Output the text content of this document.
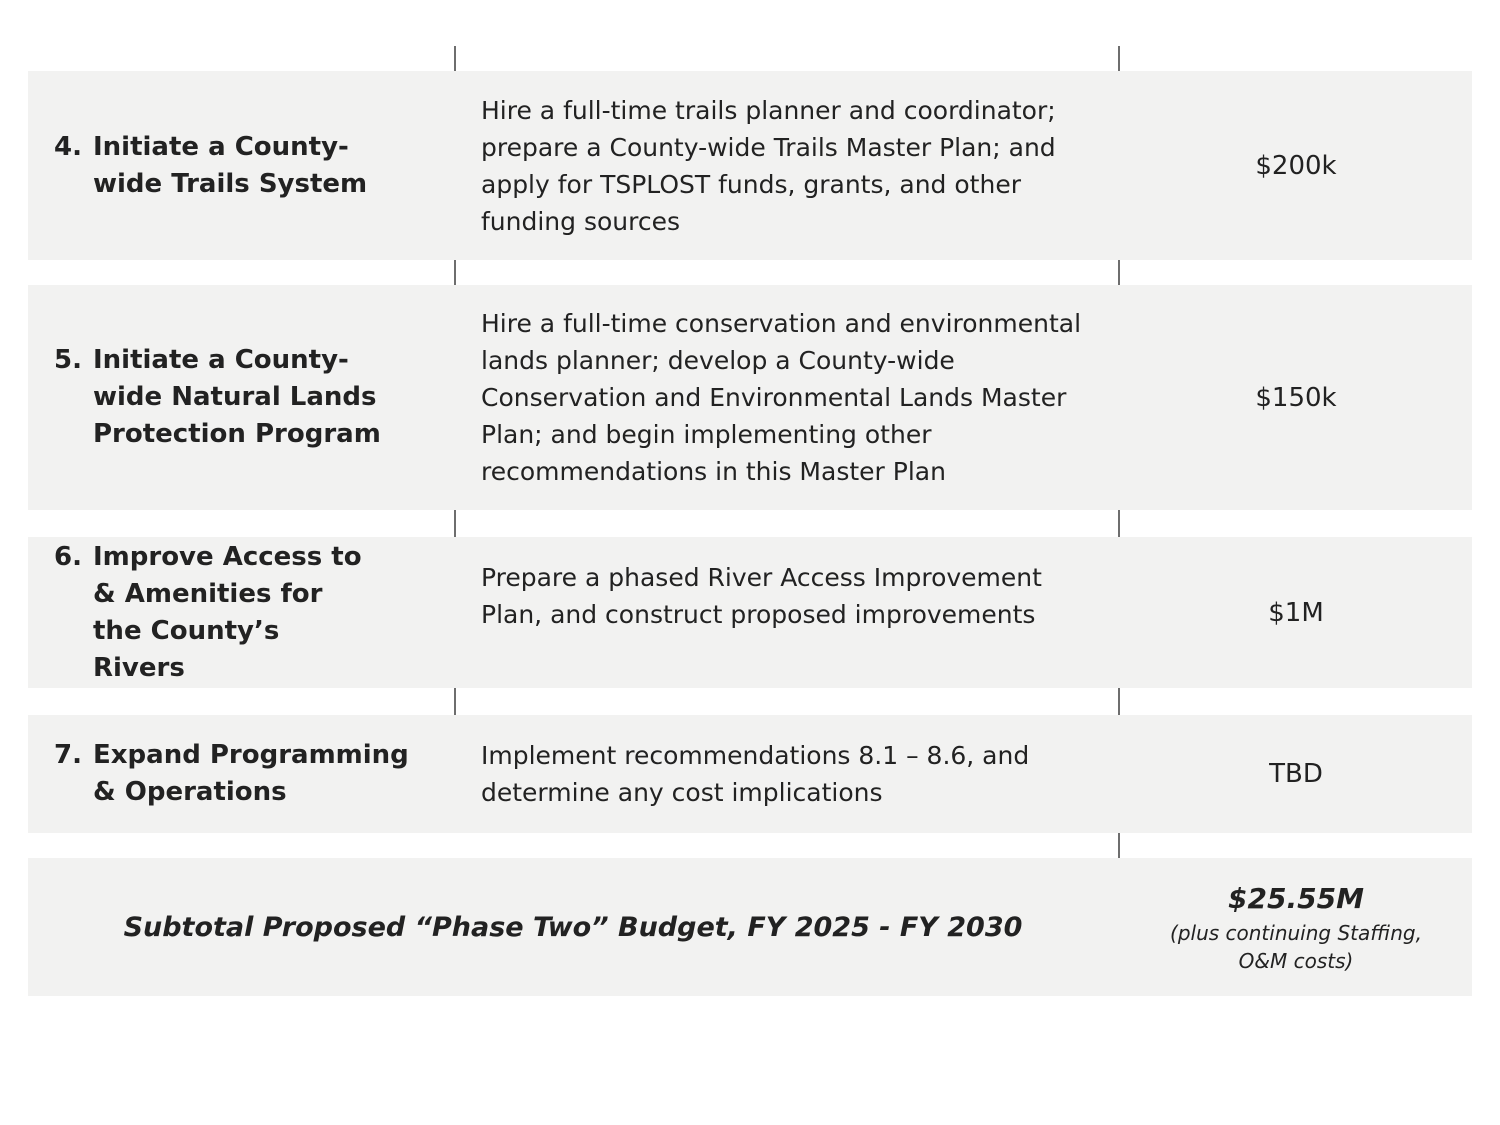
4. Initiate a County-wide Trails System
Hire a full-time trails planner and coordinator; prepare a County-wide Trails Master Plan; and apply for TSPLOST funds, grants, and other funding sources
$200k
5. Initiate a County-wide Natural Lands Protection Program
Hire a full-time conservation and environmental lands planner; develop a County-wide Conservation and Environmental Lands Master Plan; and begin implementing other recommendations in this Master Plan
$150k
6. Improve Access to & Amenities for the County’s Rivers
Prepare a phased River Access Improvement Plan, and construct proposed improvements	$1M
7. Expand Programming & Operations
Implement recommendations 8.1 – 8.6, and determine any cost implications
TBD
Subtotal Proposed “Phase Two” Budget, FY 2025 - FY 2030
$25.55M
(plus continuing Staffing, O&M costs)
